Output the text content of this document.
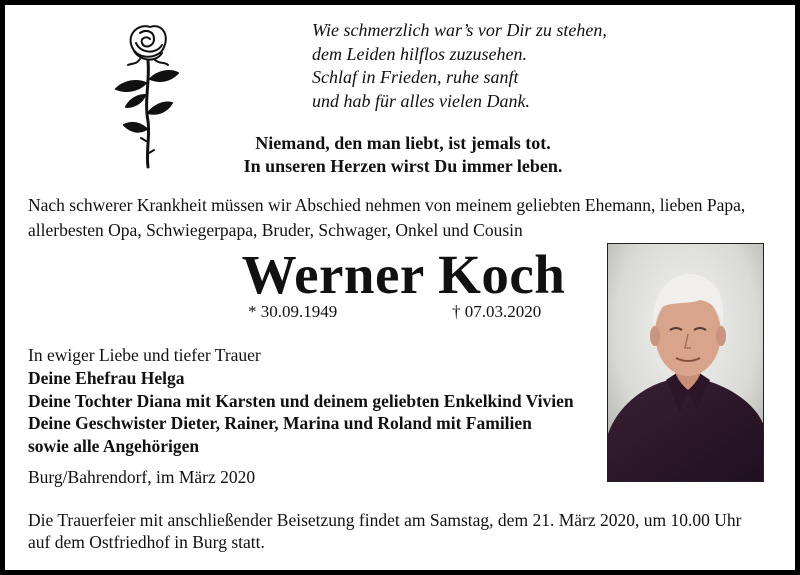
Wie schmerzlich war’s vor Dir zu stehen,
dem Leiden hilflos zuzusehen.
Schlaf in Frieden, ruhe sanft
und hab für alles vielen Dank.
Niemand, den man liebt, ist jemals tot.
In unseren Herzen wirst Du immer leben.
Nach schwerer Krankheit müssen wir Abschied nehmen von meinem geliebten Ehemann, lieben Papa,
allerbesten Opa, Schwiegerpapa, Bruder, Schwager, Onkel und Cousin
Werner Koch
* 30.09.1949	† 07.03.2020
In ewiger Liebe und tiefer Trauer
Deine Ehefrau Helga
Deine Tochter Diana mit Karsten und deinem geliebten Enkelkind Vivien
Deine Geschwister Dieter, Rainer, Marina und Roland mit Familien
sowie alle Angehörigen
Burg/Bahrendorf, im März 2020
Die Trauerfeier mit anschließender Beisetzung findet am Samstag, dem 21. März 2020, um 10.00 Uhr
auf dem Ostfriedhof in Burg statt.
